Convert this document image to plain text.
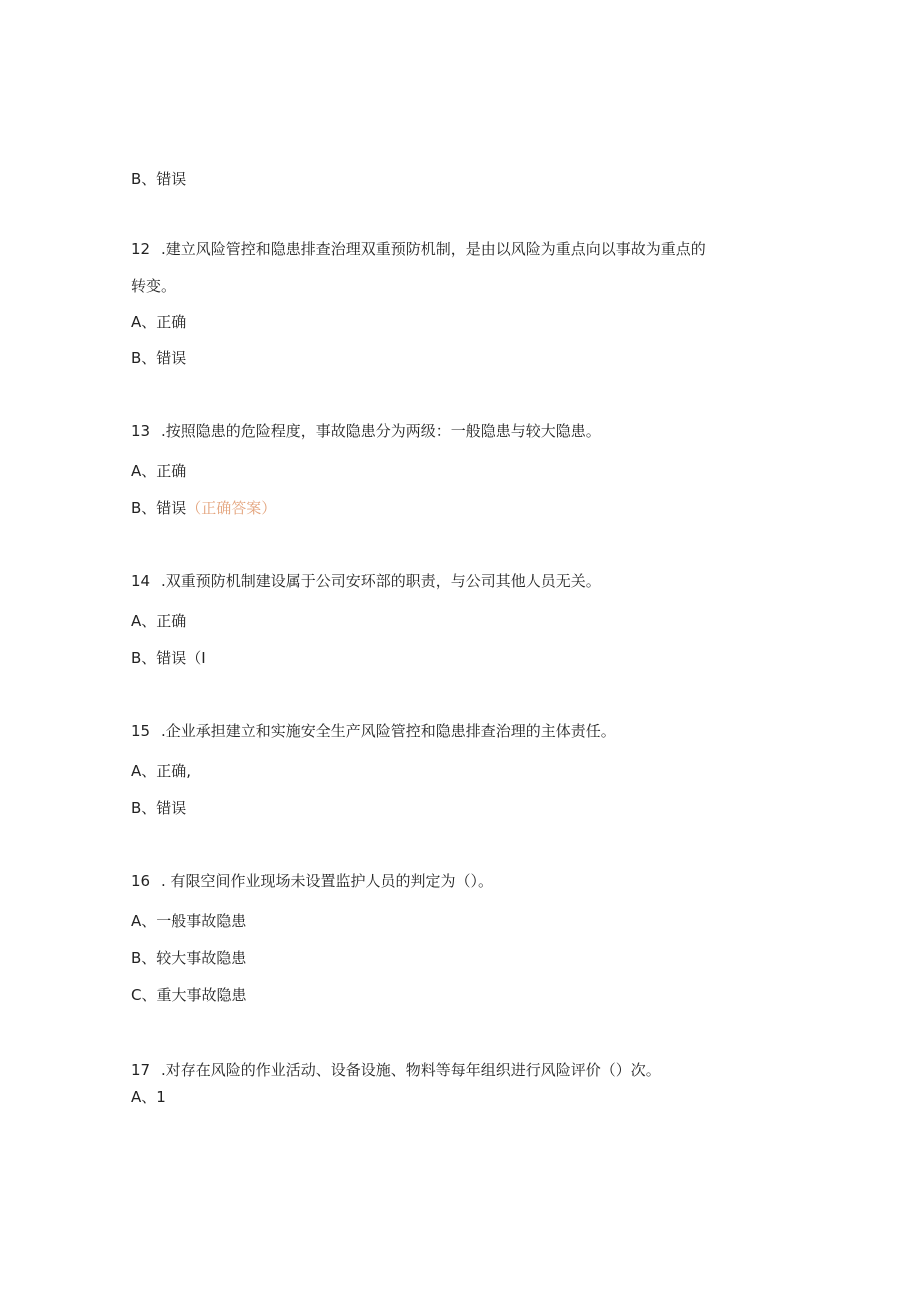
B、错误

12 .建立风险管控和隐患排查治理双重预防机制，是由以风险为重点向以事故为重点的

转变。

A、正确

B、错误

13 .按照隐患的危险程度，事故隐患分为两级：一般隐患与较大隐患。

A、正确

B、错误（正确答案）

14 .双重预防机制建设属于公司安环部的职责，与公司其他人员无关。

A、正确

B、错误（I

15 .企业承担建立和实施安全生产风险管控和隐患排查治理的主体责任。

A、正确,

B、错误

16 . 有限空间作业现场未设置监护人员的判定为（）。

A、一般事故隐患

B、较大事故隐患

C、重大事故隐患

17 .对存在风险的作业活动、设备设施、物料等每年组织进行风险评价（）次。

A、1
